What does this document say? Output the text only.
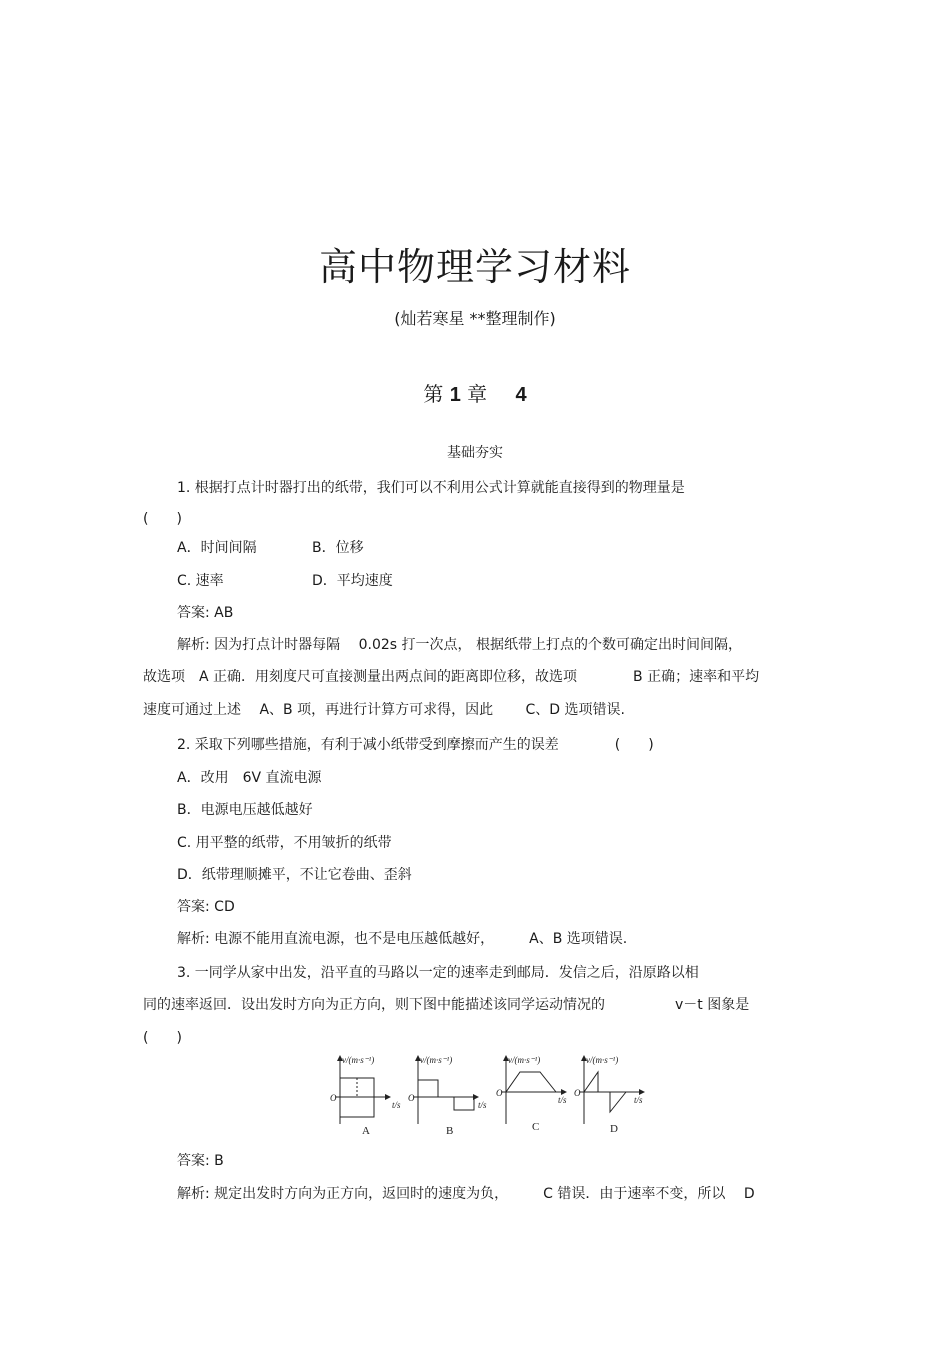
高中物理学习材料
(灿若寒星 **整理制作)
第 1 章 4
基础夯实
1. 根据打点计时器打出的纸带，我们可以不利用公式计算就能直接得到的物理量是
(　　)
A．时间间隔	B．位移
C. 速率	D．平均速度
答案: AB
解析: 因为打点计时器每隔　 0.02s 打一次点， 根据纸带上打点的个数可确定出时间间隔，
故选项　A 正确．用刻度尺可直接测量出两点间的距离即位移，故选项　　　　B 正确；速率和平均
速度可通过上述　 A、B 项，再进行计算方可求得，因此　　 C、D 选项错误.
2. 采取下列哪些措施，有利于减小纸带受到摩擦而产生的误差　　　　(　　)
A．改用　6V 直流电源
B．电源电压越低越好
C. 用平整的纸带，不用皱折的纸带
D．纸带理顺摊平，不让它卷曲、歪斜
答案: CD
解析: 电源不能用直流电源，也不是电压越低越好，　　　A、B 选项错误.
3. 一同学从家中出发，沿平直的马路以一定的速率走到邮局．发信之后，沿原路以相
同的速率返回．设出发时方向为正方向，则下图中能描述该同学运动情况的　　　　　v－t 图象是
(　　)
v/(m·s⁻¹)
t/s
O
A
v/(m·s⁻¹)
t/s
O
B
v/(m·s⁻¹)
t/s
O
C
v/(m·s⁻¹)
t/s
O
D
答案: B
解析: 规定出发时方向为正方向，返回时的速度为负，　　　C 错误．由于速率不变，所以　 D
